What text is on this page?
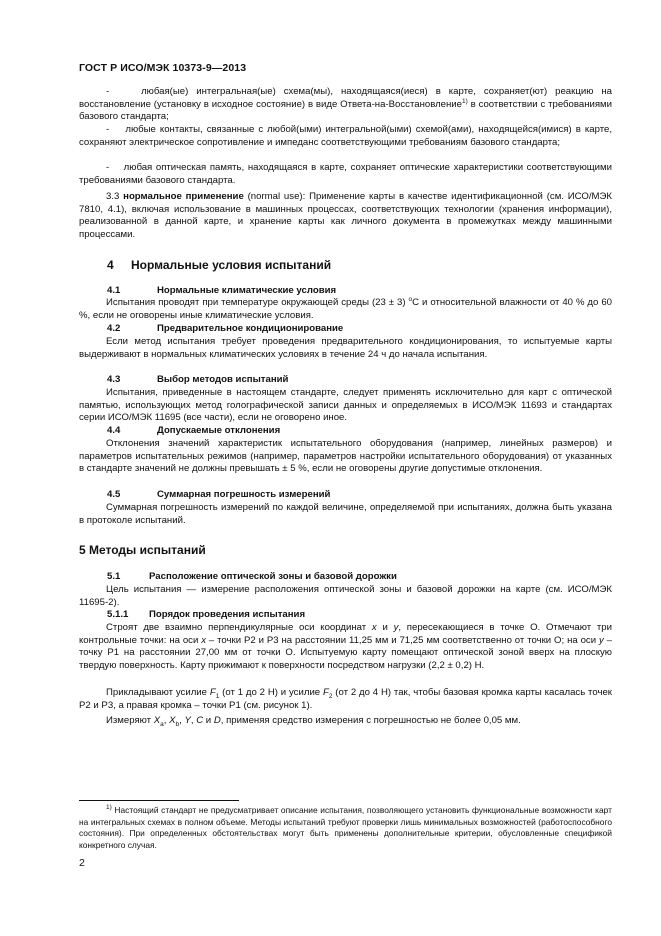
ГОСТ Р ИСО/МЭК 10373-9—2013
-    любая(ые) интегральная(ые) схема(мы), находящаяся(иеся) в карте, сохраняет(ют) реакцию на восстановление (установку в исходное состояние) в виде Ответа-на-Восстановление$^{1)}$ в соответствии с требованиями базового стандарта;
-    любые контакты, связанные с любой(ыми) интегральной(ыми) схемой(ами), находящейся(имися) в карте, сохраняют электрическое сопротивление и импеданс соответствующими требованиям базового стандарта;
-    любая оптическая память, находящаяся в карте, сохраняет оптические характеристики соответствующими требованиями базового стандарта.
3.3 нормальное применение (normal use): Применение карты в качестве идентификационной (см. ИСО/МЭК 7810, 4.1), включая использование в машинных процессах, соответствующих технологии (хранения информации), реализованной в данной карте, и хранение карты как личного документа в промежутках между машинными процессами.
4 Нормальные условия испытаний
4.1	Нормальные климатические условия
Испытания проводят при температуре окружающей среды (23 ± 3) $^o$С и относительной влажности от 40 % до 60 %, если не оговорены иные климатические условия.
4.2	Предварительное кондиционирование
Если метод испытания требует проведения предварительного кондиционирования, то испытуемые карты выдерживают в нормальных климатических условиях в течение 24 ч до начала испытания.
4.3	Выбор методов испытаний
Испытания, приведенные в настоящем стандарте, следует применять исключительно для карт с оптической памятью, использующих метод голографической записи данных и определяемых в ИСО/МЭК 11693 и стандартах серии ИСО/МЭК 11695 (все части), если не оговорено иное.
4.4	Допускаемые отклонения
Отклонения значений характеристик испытательного оборудования (например, линейных размеров) и параметров испытательных режимов (например, параметров настройки испытательного оборудования) от указанных в стандарте значений не должны превышать ± 5 %, если не оговорены другие допустимые отклонения.
4.5	Суммарная погрешность измерений
Суммарная погрешность измерений по каждой величине, определяемой при испытаниях, должна быть указана в протоколе испытаний.
5 Методы испытаний
5.1	Расположение оптической зоны и базовой дорожки
Цель испытания — измерение расположения оптической зоны и базовой дорожки на карте (см. ИСО/МЭК 11695-2).
5.1.1 Порядок проведения испытания
Строят две взаимно перпендикулярные оси координат x и y, пересекающиеся в точке О. Отмечают три контрольные точки: на оси x – точки Р2 и Р3 на расстоянии 11,25 мм и 71,25 мм соответственно от точки О; на оси y – точку Р1 на расстоянии 27,00 мм от точки О. Испытуемую карту помещают оптической зоной вверх на плоскую твердую поверхность. Карту прижимают к поверхности посредством нагрузки (2,2 ± 0,2) Н.
Прикладывают усилие $F_1$ (от 1 до 2 Н) и усилие $F_2$ (от 2 до 4 Н) так, чтобы базовая кромка карты касалась точек Р2 и Р3, а правая кромка – точки Р1 (см. рисунок 1).
Измеряют $X_a$, $X_b$, Y, C и D, применяя средство измерения с погрешностью не более 0,05 мм.
$^{1)}$ Настоящий стандарт не предусматривает описание испытания, позволяющего установить функциональные возможности карт на интегральных схемах в полном объеме. Методы испытаний требуют проверки лишь минимальных возможностей (работоспособного состояния). При определенных обстоятельствах могут быть применены дополнительные критерии, обусловленные спецификой конкретного случая.
2
